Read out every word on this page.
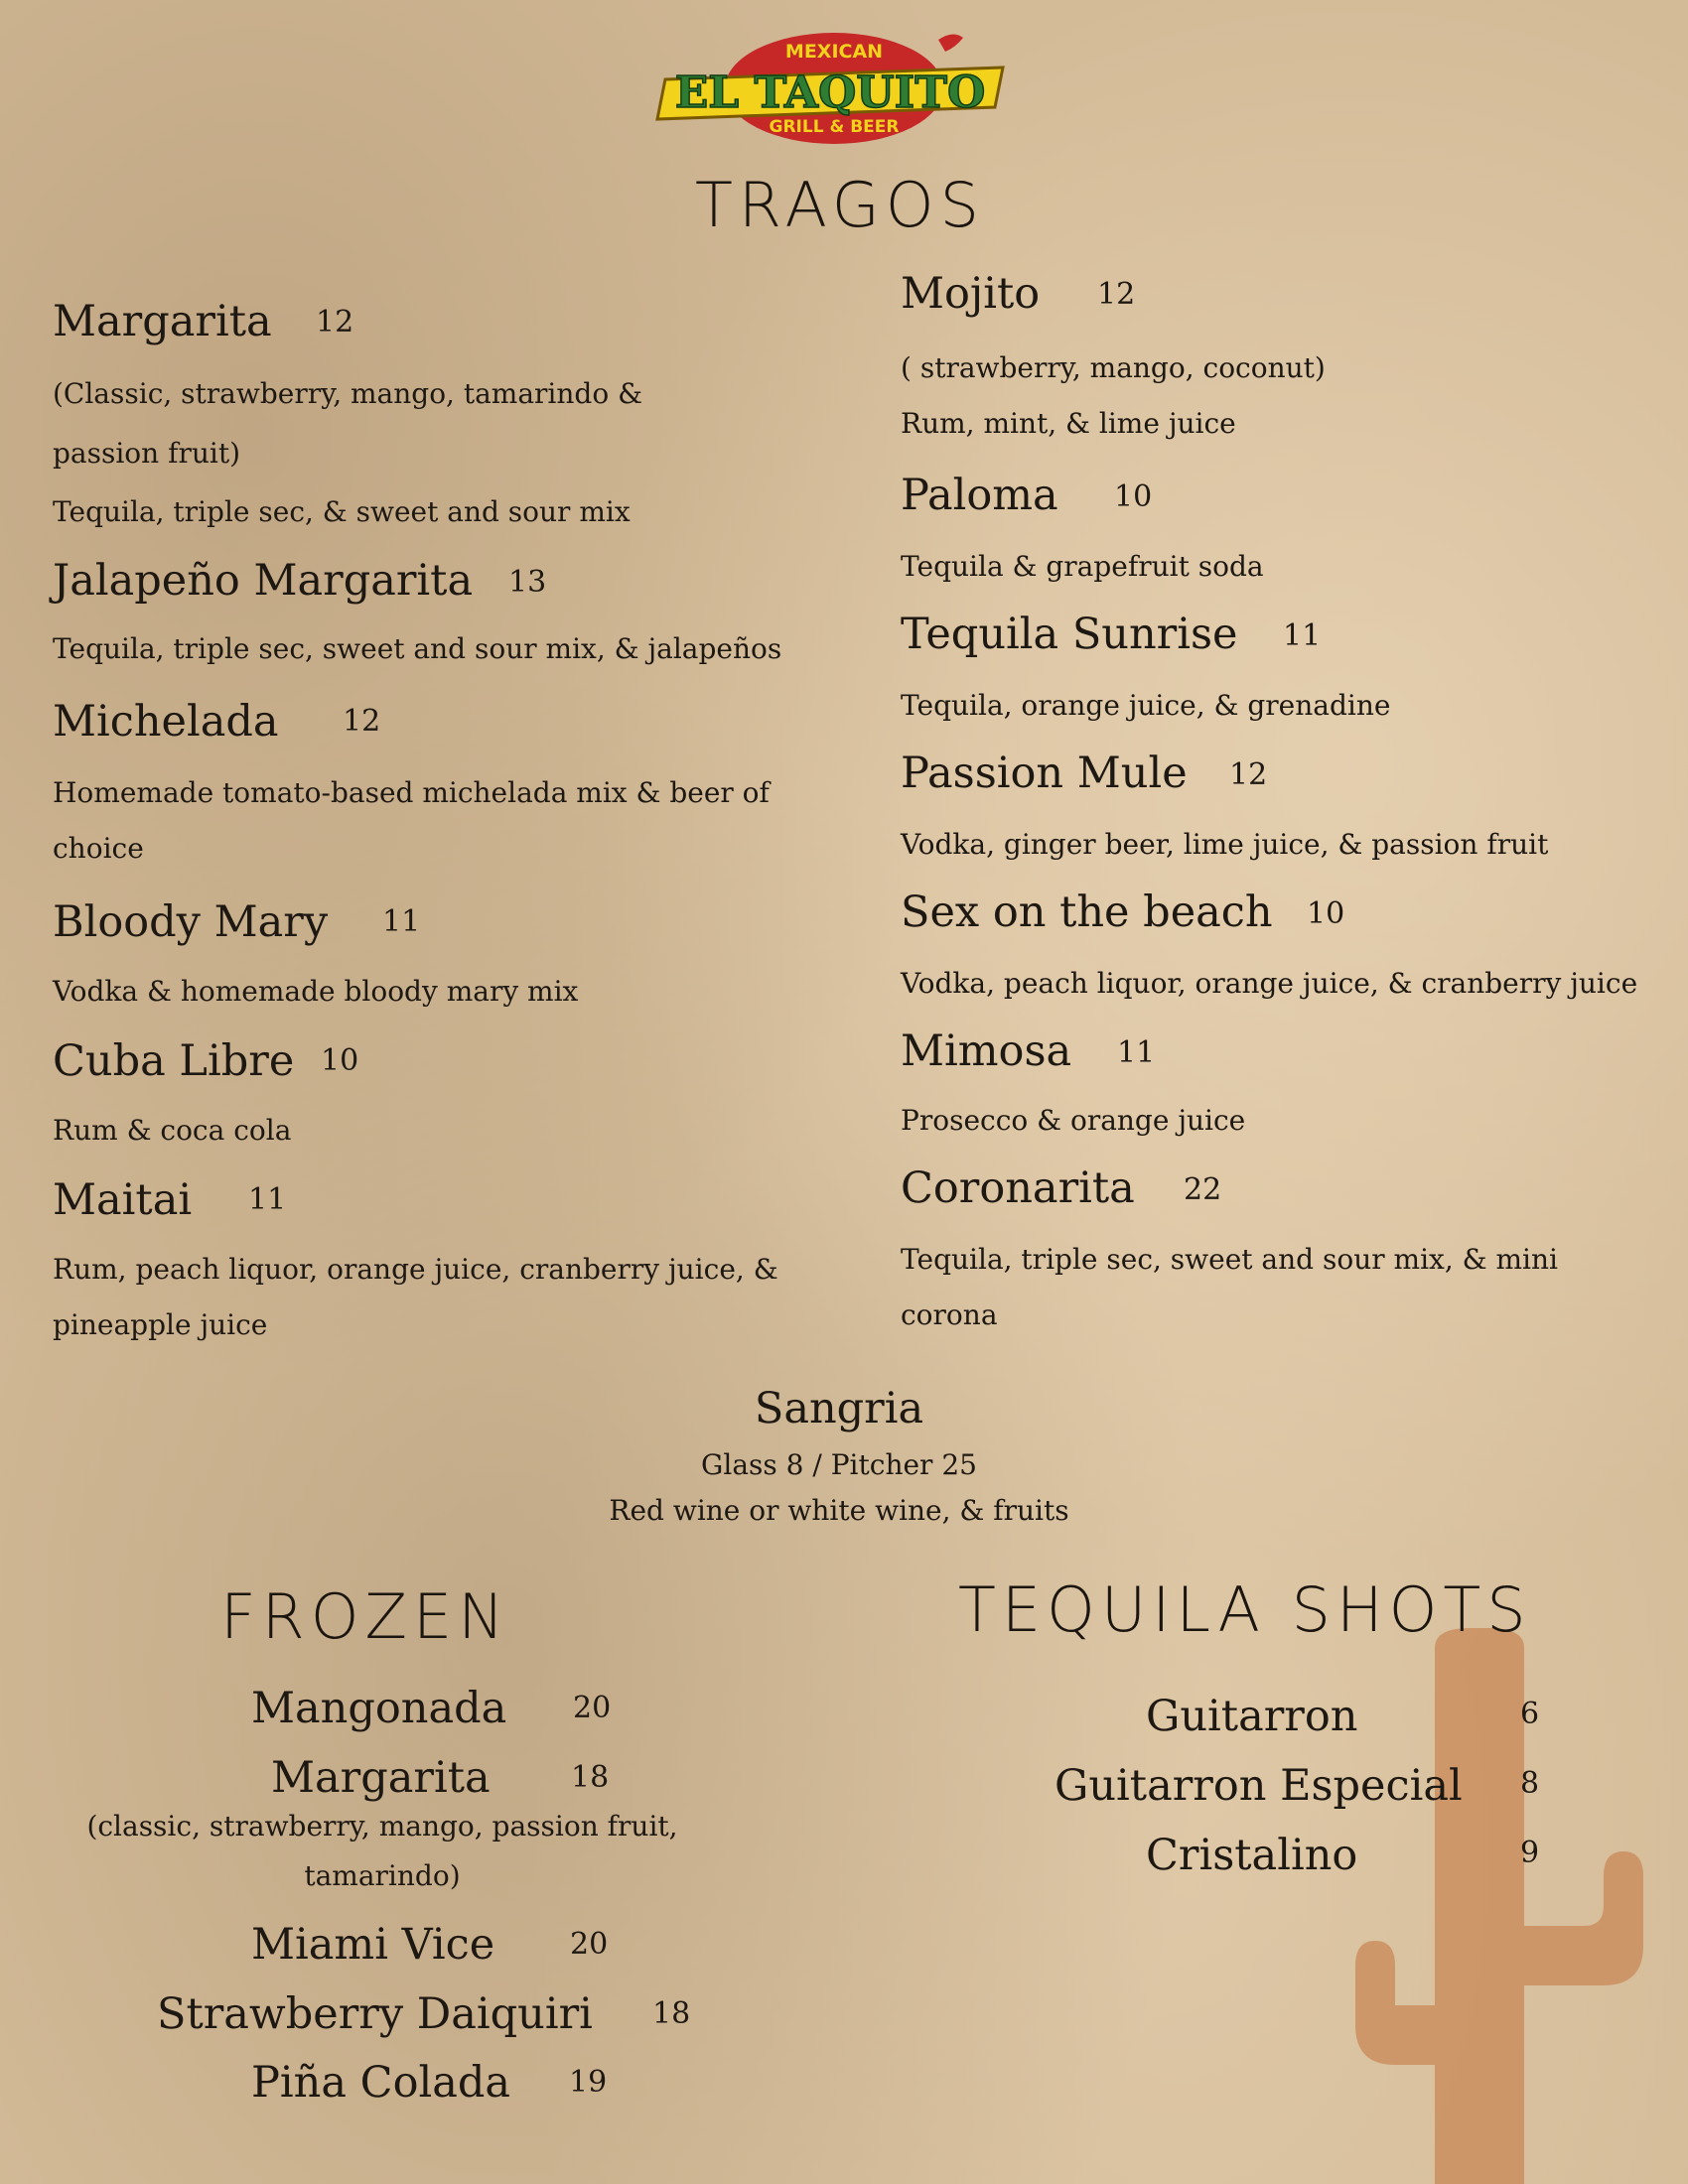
MEXICAN
EL TAQUITO
GRILL & BEER
TRAGOS
FROZEN	TEQUILA SHOTS
Margarita 12
(Classic, strawberry, mango, tamarindo &
passion fruit)
Tequila, triple sec, & sweet and sour mix
Jalapeño Margarita 13
Tequila, triple sec, sweet and sour mix, & jalapeños
Michelada 12
Homemade tomato-based michelada mix & beer of
choice
Bloody Mary 11
Vodka & homemade bloody mary mix
Cuba Libre 10
Rum & coca cola
Maitai 11
Rum, peach liquor, orange juice, cranberry juice, &
pineapple juice
Mojito 12
( strawberry, mango, coconut)
Rum, mint, & lime juice
Paloma 10
Tequila & grapefruit soda
Tequila Sunrise 11
Tequila, orange juice, & grenadine
Passion Mule 12
Vodka, ginger beer, lime juice, & passion fruit
Sex on the beach 10
Vodka, peach liquor, orange juice, & cranberry juice
Mimosa 11
Prosecco & orange juice
Coronarita 22
Tequila, triple sec, sweet and sour mix, & mini
corona
Sangria
Glass 8 / Pitcher 25
Red wine or white wine, & fruits
Mangonada 20
Margarita	18
(classic, strawberry, mango, passion fruit,
tamarindo)
Miami Vice	20
Strawberry Daiquiri 18
Piña Colada 19
Guitarron	6
Guitarron Especial 8
Cristalino	9
